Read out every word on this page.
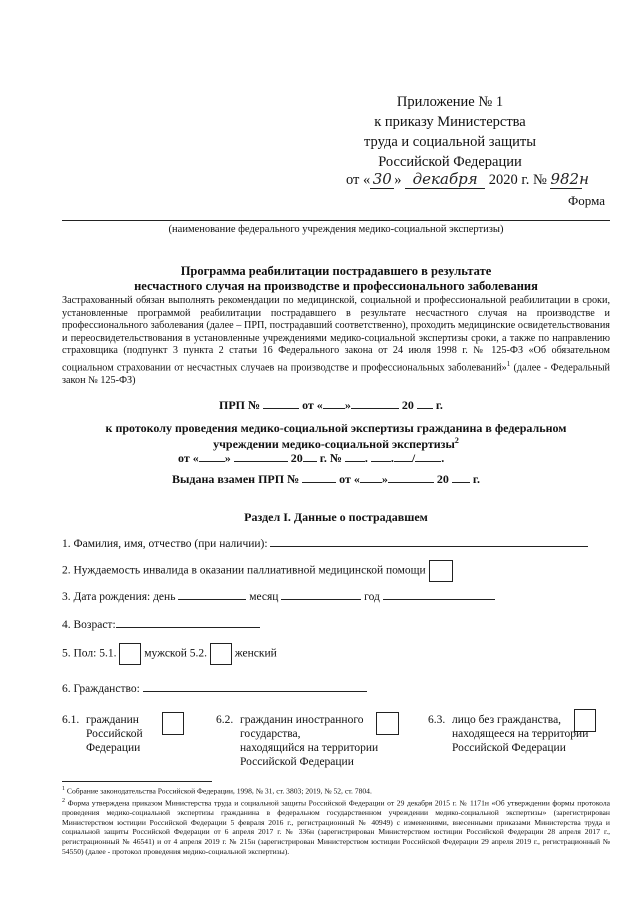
Приложение № 1
к приказу Министерства
труда и социальной защиты
Российской Федерации
от « 30 » декабря 2020 г. № 982н
Форма
(наименование федерального учреждения медико-социальной экспертизы)
Программа реабилитации пострадавшего в результате
несчастного случая на производстве и профессионального заболевания
Застрахованный обязан выполнять рекомендации по медицинской, социальной и профессиональной реабилитации в сроки, установленные программой реабилитации пострадавшего в результате несчастного случая на производстве и профессионального заболевания (далее – ПРП, пострадавший соответственно), проходить медицинские освидетельствования и переосвидетельствования в установленные учреждениями медико-социальной экспертизы сроки, а также по направлению страховщика (подпункт 3 пункта 2 статьи 16 Федерального закона от 24 июля 1998 г. № 125-ФЗ «Об обязательном социальном страховании от несчастных случаев на производстве и профессиональных заболеваний»$^1$ (далее - Федеральный закон № 125-ФЗ)
ПРП №	от « »	20 г.
к протоколу проведения медико-социальной экспертизы гражданина в федеральном
учреждении медико-социальной экспертизы$^2$
от « »	20 г. № . . / .
Выдана взамен ПРП №	от « »	20 г.
Раздел I. Данные о пострадавшем
1. Фамилия, имя, отчество (при наличии):
2. Нуждаемость инвалида в оказании паллиативной медицинской помощи
3. Дата рождения: день	месяц	год
4. Возраст:
5. Пол: 5.1. мужской 5.2. женский
6. Гражданство:
6.1. гражданин
Российской
Федерации
6.2. гражданин иностранного
государства,
находящийся на территории
Российской Федерации
6.3. лицо без гражданства,
находящееся на территории
Российской Федерации
$^1$ Собрание законодательства Российской Федерации, 1998, № 31, ст. 3803; 2019, № 52, ст. 7804.
$^2$ Форма утверждена приказом Министерства труда и социальной защиты Российской Федерации от 29 декабря 2015 г. № 1171н «Об утверждении формы протокола проведения медико-социальной экспертизы гражданина в федеральном государственном учреждении медико-социальной экспертизы» (зарегистрирован Министерством юстиции Российской Федерации 5 февраля 2016 г., регистрационный № 40949) с изменениями, внесенными приказами Министерства труда и социальной защиты Российской Федерации от 6 апреля 2017 г. № 336н (зарегистрирован Министерством юстиции Российской Федерации 28 апреля 2017 г., регистрационный № 46541) и от 4 апреля 2019 г. № 215н (зарегистрирован Министерством юстиции Российской Федерации 29 апреля 2019 г., регистрационный № 54550) (далее - протокол проведения медико-социальной экспертизы).
